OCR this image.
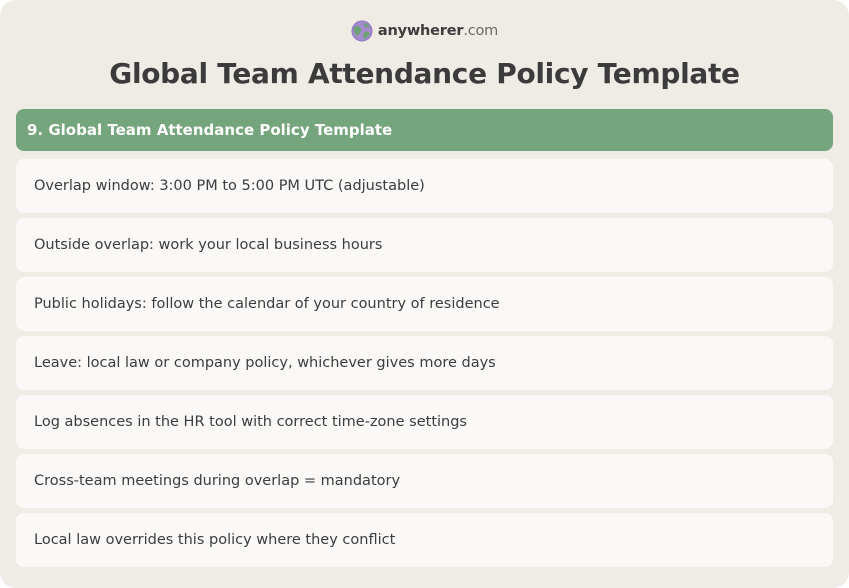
anywherer.com
Global Team Attendance Policy Template
9. Global Team Attendance Policy Template
Overlap window: 3:00 PM to 5:00 PM UTC (adjustable)
Outside overlap: work your local business hours
Public holidays: follow the calendar of your country of residence
Leave: local law or company policy, whichever gives more days
Log absences in the HR tool with correct time-zone settings
Cross-team meetings during overlap = mandatory
Local law overrides this policy where they conflict
